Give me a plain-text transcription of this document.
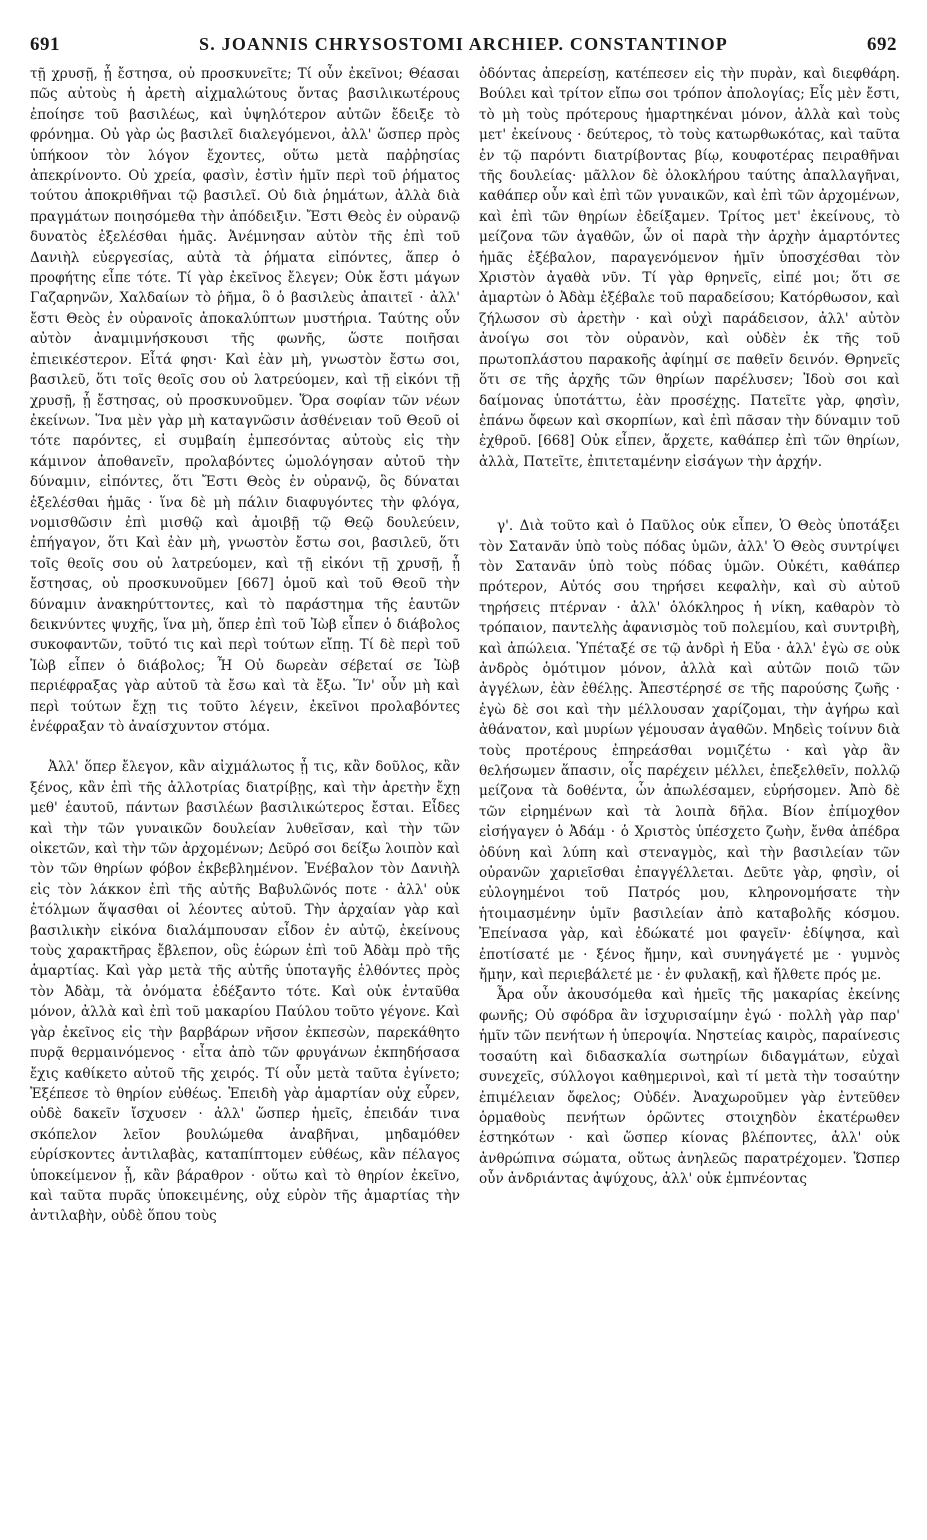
691	S. JOANNIS CHRYSOSTOMI ARCHIEP. CONSTANTINOP	692

τῇ χρυσῇ, ᾗ ἔστησα, οὐ προσκυνεῖτε; Τί οὖν ἐκεῖνοι; Θέασαι πῶς αὐτοὺς ἡ ἀρετὴ αἰχμαλώτους ὄντας βασιλικωτέρους ἐποίησε τοῦ βασιλέως, καὶ ὑψηλότερον αὐτῶν ἔδειξε τὸ φρόνημα. Οὐ γὰρ ὡς βασιλεῖ διαλεγόμενοι, ἀλλ' ὥσπερ πρὸς ὑπήκοον τὸν λόγον ἔχοντες, οὕτω μετὰ παῤῥησίας ἀπεκρίνοντο. Οὐ χρεία, φασὶν, ἐστὶν ἡμῖν περὶ τοῦ ῥήματος τούτου ἀποκριθῆναι τῷ βασιλεῖ. Οὐ διὰ ῥημάτων, ἀλλὰ διὰ πραγμάτων ποιησόμεθα τὴν ἀπόδειξιν. Ἔστι Θεὸς ἐν οὐρανῷ δυνατὸς ἐξελέσθαι ἡμᾶς. Ἀνέμνησαν αὐτὸν τῆς ἐπὶ τοῦ Δανιὴλ εὐεργεσίας, αὐτὰ τὰ ῥήματα εἰπόντες, ἅπερ ὁ προφήτης εἶπε τότε. Τί γὰρ ἐκεῖνος ἔλεγεν; Οὐκ ἔστι μάγων Γαζαρηνῶν, Χαλδαίων τὸ ῥῆμα, ὃ ὁ βασιλεὺς ἀπαιτεῖ · ἀλλ' ἔστι Θεὸς ἐν οὐρανοῖς ἀποκαλύπτων μυστήρια. Ταύτης οὖν αὐτὸν ἀναμιμνήσκουσι τῆς φωνῆς, ὥστε ποιῆσαι ἐπιεικέστερον. Εἶτά φησι· Καὶ ἐὰν μὴ, γνωστὸν ἔστω σοι, βασιλεῦ, ὅτι τοῖς θεοῖς σου οὐ λατρεύομεν, καὶ τῇ εἰκόνι τῇ χρυσῇ, ᾗ ἔστησας, οὐ προσκυνοῦμεν. Ὅρα σοφίαν τῶν νέων ἐκείνων. Ἵνα μὲν γὰρ μὴ καταγνῶσιν ἀσθένειαν τοῦ Θεοῦ οἱ τότε παρόντες, εἰ συμβαίη ἐμπεσόντας αὐτοὺς εἰς τὴν κάμινον ἀποθανεῖν, προλαβόντες ὡμολόγησαν αὐτοῦ τὴν δύναμιν, εἰπόντες, ὅτι Ἔστι Θεὸς ἐν οὐρανῷ, ὃς δύναται ἐξελέσθαι ἡμᾶς · ἵνα δὲ μὴ πάλιν διαφυγόντες τὴν φλόγα, νομισθῶσιν ἐπὶ μισθῷ καὶ ἀμοιβῇ τῷ Θεῷ δουλεύειν, ἐπήγαγον, ὅτι Καὶ ἐὰν μὴ, γνωστὸν ἔστω σοι, βασιλεῦ, ὅτι τοῖς θεοῖς σου οὐ λατρεύομεν, καὶ τῇ εἰκόνι τῇ χρυσῇ, ᾗ ἔστησας, οὐ προσκυνοῦμεν [667] ὁμοῦ καὶ τοῦ Θεοῦ τὴν δύναμιν ἀνακηρύττοντες, καὶ τὸ παράστημα τῆς ἑαυτῶν δεικνύντες ψυχῆς, ἵνα μὴ, ὅπερ ἐπὶ τοῦ Ἰὼβ εἶπεν ὁ διάβολος συκοφαντῶν, τοῦτό τις καὶ περὶ τούτων εἴπῃ. Τί δὲ περὶ τοῦ Ἰὼβ εἶπεν ὁ διάβολος; Ἦ Οὐ δωρεὰν σέβεταί σε Ἰὼβ περιέφραξας γὰρ αὐτοῦ τὰ ἔσω καὶ τὰ ἔξω. Ἵν' οὖν μὴ καὶ περὶ τούτων ἔχῃ τις τοῦτο λέγειν, ἐκεῖνοι προλαβόντες ἐνέφραξαν τὸ ἀναίσχυντον στόμα.

Ἀλλ' ὅπερ ἔλεγον, κἂν αἰχμάλωτος ᾖ τις, κἂν δοῦλος, κἂν ξένος, κἂν ἐπὶ τῆς ἀλλοτρίας διατρίβῃς, καὶ τὴν ἀρετὴν ἔχῃ μεθ' ἑαυτοῦ, πάντων βασιλέων βασιλικώτερος ἔσται. Εἶδες καὶ τὴν τῶν γυναικῶν δουλείαν λυθεῖσαν, καὶ τὴν τῶν οἰκετῶν, καὶ τὴν τῶν ἀρχομένων; Δεῦρό σοι δείξω λοιπὸν καὶ τὸν τῶν θηρίων φόβον ἐκβεβλημένον. Ἐνέβαλον τὸν Δανιὴλ εἰς τὸν λάκκον ἐπὶ τῆς αὐτῆς Βαβυλῶνός ποτε · ἀλλ' οὐκ ἐτόλμων ἅψασθαι οἱ λέοντες αὐτοῦ. Τὴν ἀρχαίαν γὰρ καὶ βασιλικὴν εἰκόνα διαλάμπουσαν εἶδον ἐν αὐτῷ, ἐκείνους τοὺς χαρακτῆρας ἔβλεπον, οὓς ἑώρων ἐπὶ τοῦ Ἀδὰμ πρὸ τῆς ἁμαρτίας. Καὶ γὰρ μετὰ τῆς αὐτῆς ὑποταγῆς ἐλθόντες πρὸς τὸν Ἀδὰμ, τὰ ὀνόματα ἐδέξαντο τότε. Καὶ οὐκ ἐνταῦθα μόνον, ἀλλὰ καὶ ἐπὶ τοῦ μακαρίου Παύλου τοῦτο γέγονε. Καὶ γὰρ ἐκεῖνος εἰς τὴν βαρβάρων νῆσον ἐκπεσὼν, παρεκάθητο πυρᾷ θερμαινόμενος · εἶτα ἀπὸ τῶν φρυγάνων ἐκπηδήσασα ἔχις καθίκετο αὐτοῦ τῆς χειρός. Τί οὖν μετὰ ταῦτα ἐγίνετο; Ἐξέπεσε τὸ θηρίον εὐθέως. Ἐπειδὴ γὰρ ἁμαρτίαν οὐχ εὗρεν, οὐδὲ δακεῖν ἴσχυσεν · ἀλλ' ὥσπερ ἡμεῖς, ἐπειδάν τινα σκόπελον λεῖον βουλώμεθα ἀναβῆναι, μηδαμόθεν εὑρίσκοντες ἀντιλαβὰς, καταπίπτομεν εὐθέως, κἂν πέλαγος ὑποκείμενον ᾖ, κἂν βάραθρον · οὕτω καὶ τὸ θηρίον ἐκεῖνο, καὶ ταῦτα πυρᾶς ὑποκειμένης, οὐχ εὑρὸν τῆς ἁμαρτίας τὴν ἀντιλαβὴν, οὐδὲ ὅπου τοὺς

ὀδόντας ἀπερείσῃ, κατέπεσεν εἰς τὴν πυρὰν, καὶ διεφθάρη. Βούλει καὶ τρίτον εἴπω σοι τρόπον ἀπολογίας; Εἷς μὲν ἔστι, τὸ μὴ τοὺς πρότερους ἡμαρτηκέναι μόνον, ἀλλὰ καὶ τοὺς μετ' ἐκείνους · δεύτερος, τὸ τοὺς κατωρθωκότας, καὶ ταῦτα ἐν τῷ παρόντι διατρίβοντας βίῳ, κουφοτέρας πειραθῆναι τῆς δουλείας· μᾶλλον δὲ ὁλοκλήρου ταύτης ἀπαλλαγῆναι, καθάπερ οὖν καὶ ἐπὶ τῶν γυναικῶν, καὶ ἐπὶ τῶν ἀρχομένων, καὶ ἐπὶ τῶν θηρίων ἐδείξαμεν. Τρίτος μετ' ἐκείνους, τὸ μείζονα τῶν ἀγαθῶν, ὧν οἱ παρὰ τὴν ἀρχὴν ἁμαρτόντες ἡμᾶς ἐξέβαλον, παραγενόμενον ἡμῖν ὑποσχέσθαι τὸν Χριστὸν ἀγαθὰ νῦν. Τί γὰρ θρηνεῖς, εἰπέ μοι; ὅτι σε ἁμαρτὼν ὁ Ἀδὰμ ἐξέβαλε τοῦ παραδείσου; Κατόρθωσον, καὶ ζήλωσον σὺ ἀρετὴν · καὶ οὐχὶ παράδεισον, ἀλλ' αὐτὸν ἀνοίγω σοι τὸν οὐρανὸν, καὶ οὐδὲν ἐκ τῆς τοῦ πρωτοπλάστου παρακοῆς ἀφίημί σε παθεῖν δεινόν. Θρηνεῖς ὅτι σε τῆς ἀρχῆς τῶν θηρίων παρέλυσεν; Ἰδοὺ σοι καὶ δαίμονας ὑποτάττω, ἐὰν προσέχῃς. Πατεῖτε γὰρ, φησὶν, ἐπάνω ὄφεων καὶ σκορπίων, καὶ ἐπὶ πᾶσαν τὴν δύναμιν τοῦ ἐχθροῦ. [668] Οὐκ εἶπεν, ἄρχετε, καθάπερ ἐπὶ τῶν θηρίων, ἀλλὰ, Πατεῖτε, ἐπιτεταμένην εἰσάγων τὴν ἀρχήν.

γ'. Διὰ τοῦτο καὶ ὁ Παῦλος οὐκ εἶπεν, Ὁ Θεὸς ὑποτάξει τὸν Σατανᾶν ὑπὸ τοὺς πόδας ὑμῶν, ἀλλ' Ὁ Θεὸς συντρίψει τὸν Σατανᾶν ὑπὸ τοὺς πόδας ὑμῶν. Οὐκέτι, καθάπερ πρότερον, Αὐτός σου τηρήσει κεφαλὴν, καὶ σὺ αὐτοῦ τηρήσεις πτέρναν · ἀλλ' ὁλόκληρος ἡ νίκη, καθαρὸν τὸ τρόπαιον, παντελὴς ἀφανισμὸς τοῦ πολεμίου, καὶ συντριβὴ, καὶ ἀπώλεια. Ὑπέταξέ σε τῷ ἀνδρὶ ἡ Εὔα · ἀλλ' ἐγὼ σε οὐκ ἀνδρὸς ὁμότιμον μόνον, ἀλλὰ καὶ αὐτῶν ποιῶ τῶν ἀγγέλων, ἐὰν ἐθέλῃς. Ἀπεστέρησέ σε τῆς παρούσης ζωῆς · ἐγὼ δὲ σοι καὶ τὴν μέλλουσαν χαρίζομαι, τὴν ἀγήρω καὶ ἀθάνατον, καὶ μυρίων γέμουσαν ἀγαθῶν. Μηδεὶς τοίνυν διὰ τοὺς προτέρους ἐπηρεάσθαι νομιζέτω · καὶ γὰρ ἂν θελήσωμεν ἅπασιν, οἷς παρέχειν μέλλει, ἐπεξελθεῖν, πολλῷ μείζονα τὰ δοθέντα, ὧν ἀπωλέσαμεν, εὑρήσομεν. Ἀπὸ δὲ τῶν εἰρημένων καὶ τὰ λοιπὰ δῆλα. Βίον ἐπίμοχθον εἰσήγαγεν ὁ Ἀδάμ · ὁ Χριστὸς ὑπέσχετο ζωὴν, ἔνθα ἀπέδρα ὀδύνη καὶ λύπη καὶ στεναγμὸς, καὶ τὴν βασιλείαν τῶν οὐρανῶν χαριεῖσθαι ἐπαγγέλλεται. Δεῦτε γὰρ, φησὶν, οἱ εὐλογημένοι τοῦ Πατρός μου, κληρονομήσατε τὴν ἡτοιμασμένην ὑμῖν βασιλείαν ἀπὸ καταβολῆς κόσμου. Ἐπείνασα γὰρ, καὶ ἐδώκατέ μοι φαγεῖν· ἐδίψησα, καὶ ἐποτίσατέ με · ξένος ἤμην, καὶ συνηγάγετέ με · γυμνὸς ἤμην, καὶ περιεβάλετέ με · ἐν φυλακῇ, καὶ ἤλθετε πρός με.

Ἆρα οὖν ἀκουσόμεθα καὶ ἡμεῖς τῆς μακαρίας ἐκείνης φωνῆς; Οὐ σφόδρα ἂν ἰσχυρισαίμην ἐγώ · πολλὴ γὰρ παρ' ἡμῖν τῶν πενήτων ἡ ὑπεροψία. Νηστείας καιρὸς, παραίνεσις τοσαύτη καὶ διδασκαλία σωτηρίων διδαγμάτων, εὐχαὶ συνεχεῖς, σύλλογοι καθημερινοὶ, καὶ τί μετὰ τὴν τοσαύτην ἐπιμέλειαν ὄφελος; Οὐδέν. Ἀναχωροῦμεν γὰρ ἐντεῦθεν ὁρμαθοὺς πενήτων ὁρῶντες στοιχηδὸν ἑκατέρωθεν ἑστηκότων · καὶ ὥσπερ κίονας βλέποντες, ἀλλ' οὐκ ἀνθρώπινα σώματα, οὕτως ἀνηλεῶς παρατρέχομεν. Ὥσπερ οὖν ἀνδριάντας ἀψύχους, ἀλλ' οὐκ ἐμπνέοντας
